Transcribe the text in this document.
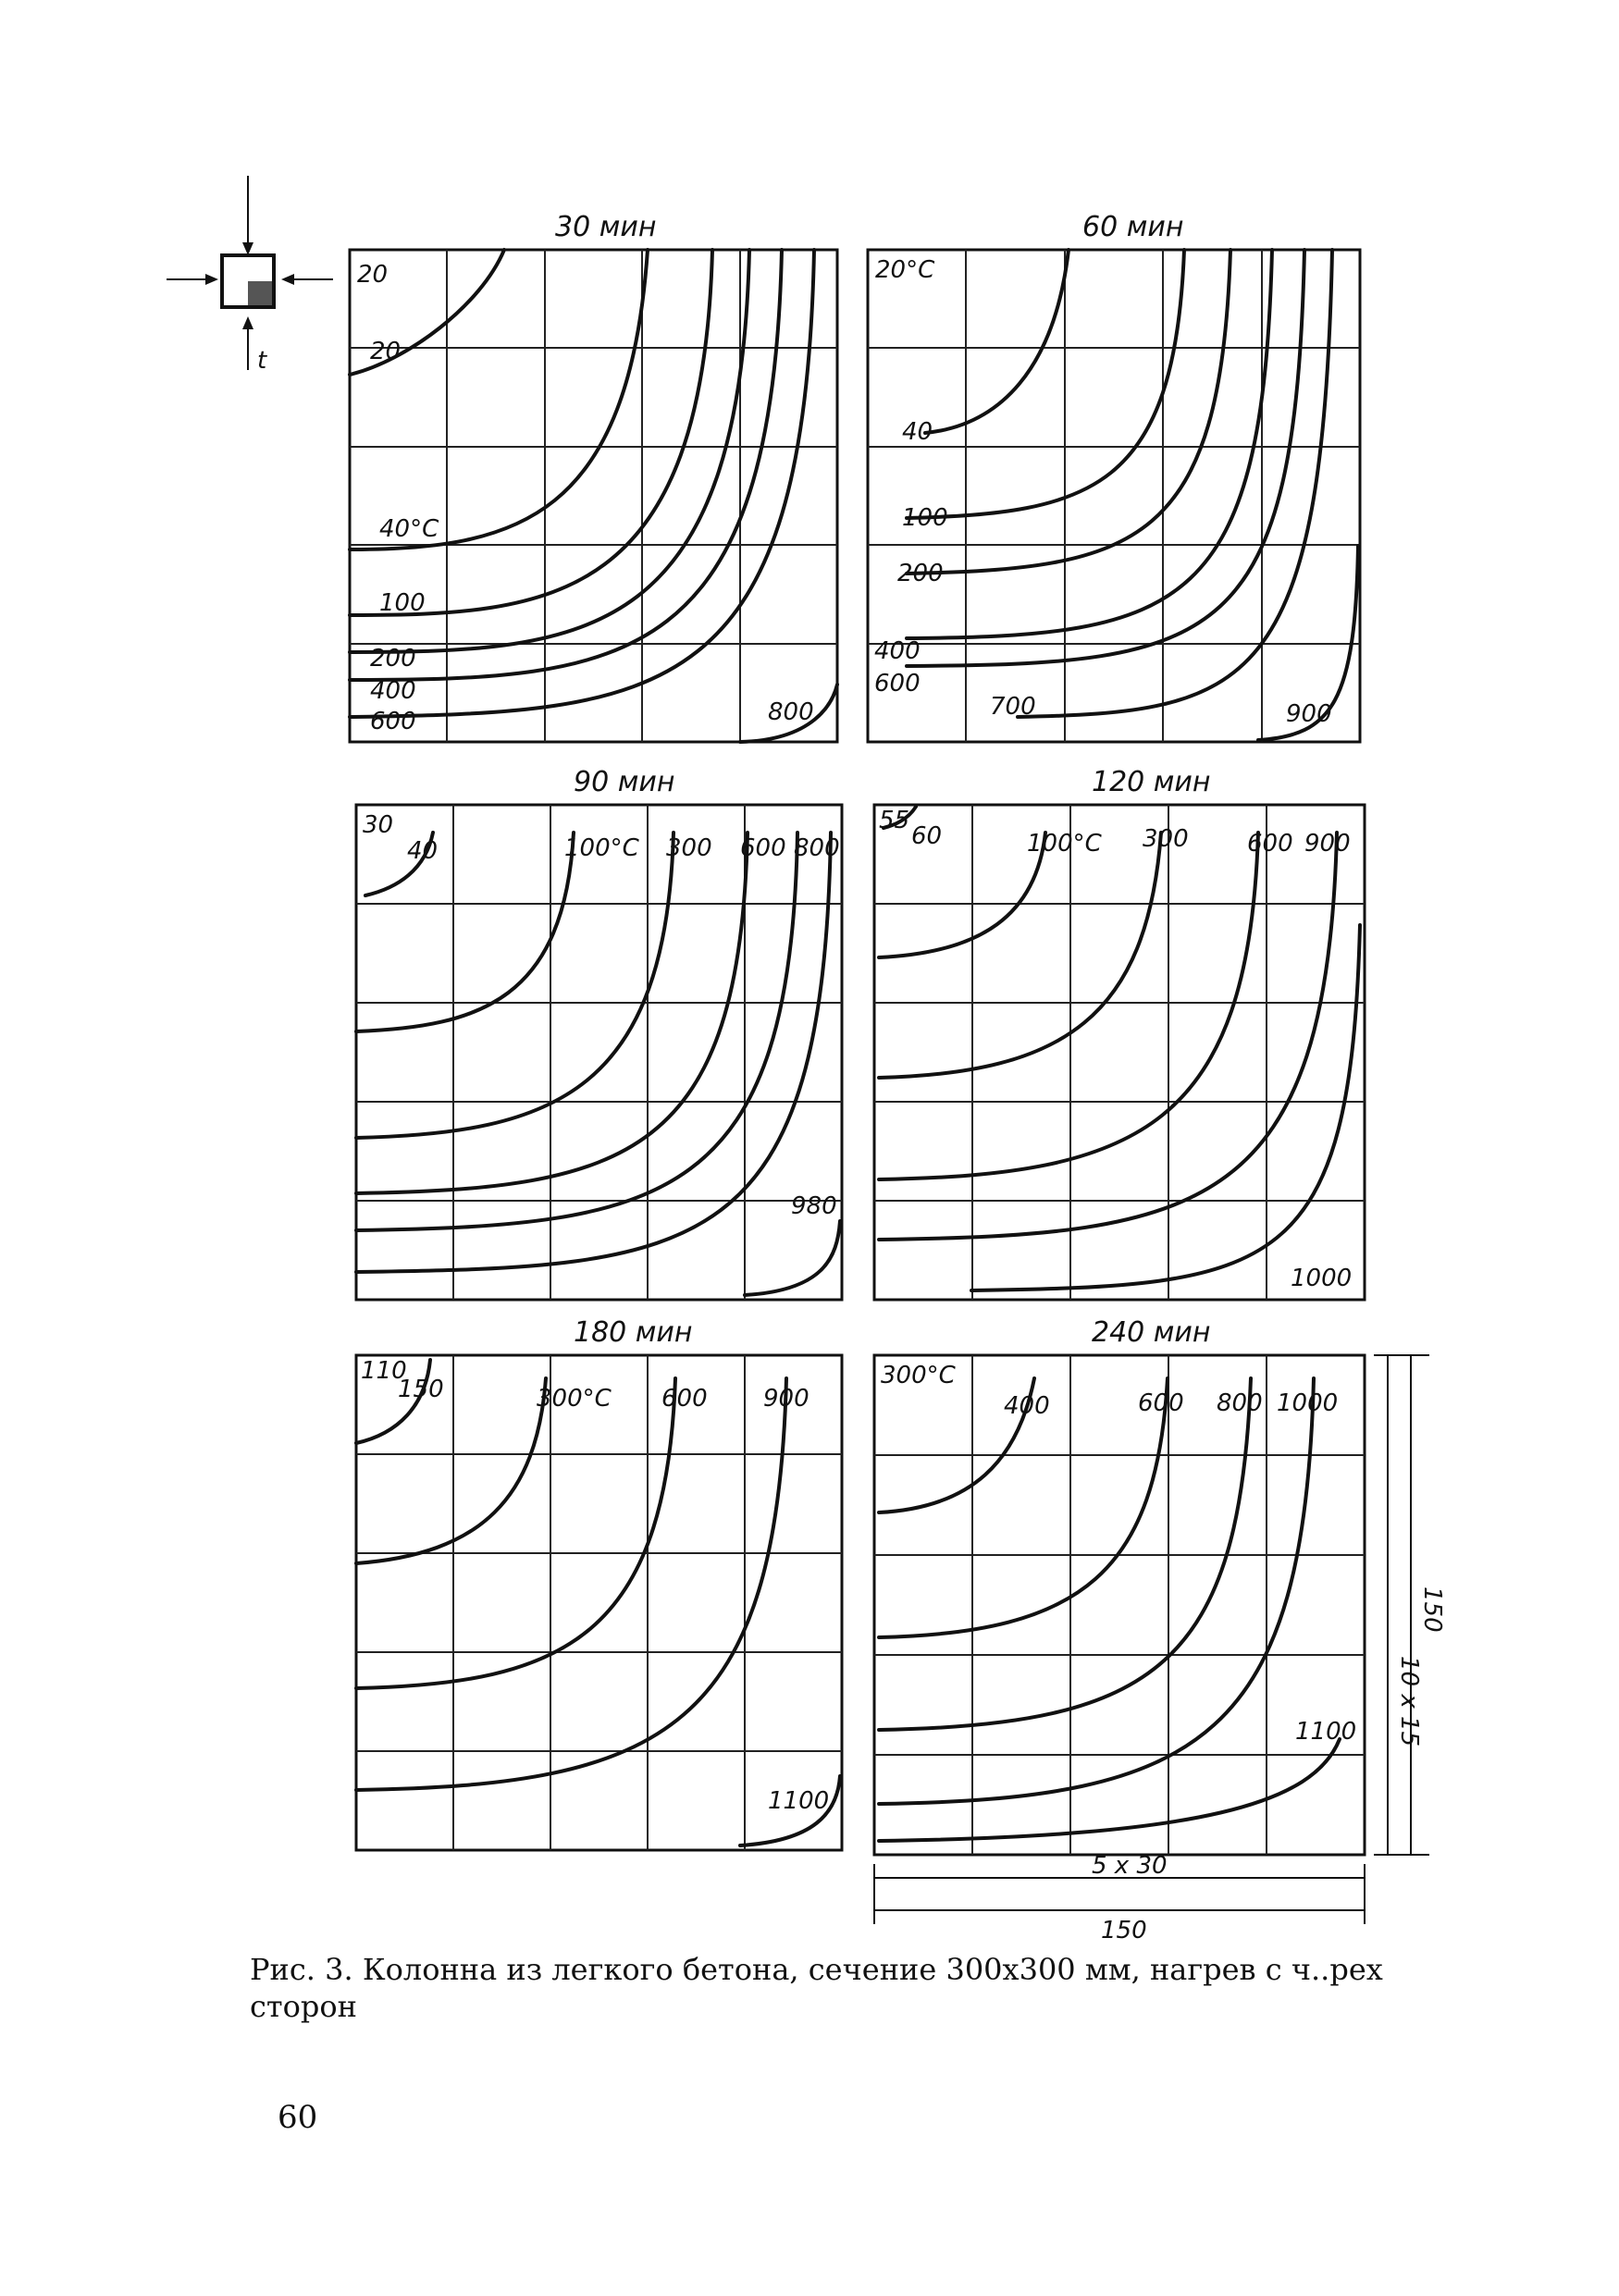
t
30 мин
20
20
40°C
100
200
400
600	800
60 мин
20°C
40
100
200
400
600
700	900
90 мин
30
40	100°C 300 600 800
980
120 мин
55
60	100°C 300 600 900
1000
180 мин
110
150	300°C 600 900
1100
240 мин
300°C
400	600 800 1000
1100
5 x 30
150
10 x 15
150
Рис. 3. Колонна из легкого бетона, сечение 300x300 мм, нагрев с ч..рех
сторон
60
